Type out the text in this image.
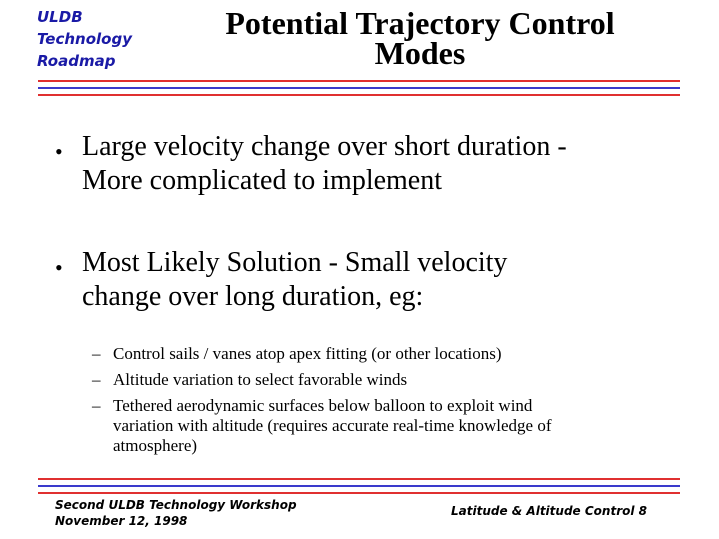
ULDB
Technology
Roadmap
Potential Trajectory Control
Modes
• Large velocity change over short duration -
More complicated to implement
• Most Likely Solution - Small velocity
change over long duration, eg:
– Control sails / vanes atop apex fitting (or other locations)
– Altitude variation to select favorable winds
– Tethered aerodynamic surfaces below balloon to exploit wind
variation with altitude (requires accurate real-time knowledge of
atmosphere)
Second ULDB Technology Workshop
November 12, 1998
Latitude & Altitude Control 8
